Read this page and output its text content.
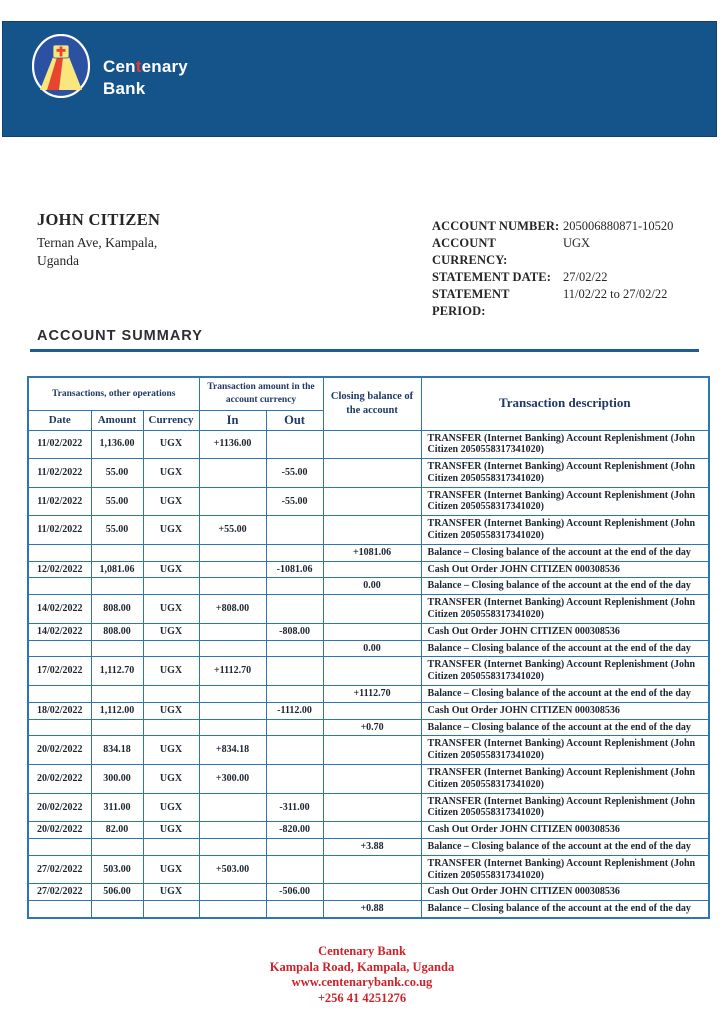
Centenary
Bank
JOHN CITIZEN
Ternan Ave, Kampala,
Uganda
ACCOUNT NUMBER: 205006880871-10520
ACCOUNT CURRENCY:
UGX
STATEMENT DATE: 27/02/22
STATEMENT PERIOD:
11/02/22 to 27/02/22
ACCOUNT SUMMARY
Transactions, other operations			Transaction amount in the account currency		Closing balance of the account	Transaction description
Date	Amount	Currency	In	Out		
11/02/2022	1,136.00	UGX	+1136.00			TRANSFER (Internet Banking) Account Replenishment (John Citizen 2050558317341020)
11/02/2022	55.00	UGX		-55.00		TRANSFER (Internet Banking) Account Replenishment (John Citizen 2050558317341020)
11/02/2022	55.00	UGX		-55.00		TRANSFER (Internet Banking) Account Replenishment (John Citizen 2050558317341020)
11/02/2022	55.00	UGX	+55.00			TRANSFER (Internet Banking) Account Replenishment (John Citizen 2050558317341020)
					+1081.06	Balance – Closing balance of the account at the end of the day
12/02/2022	1,081.06	UGX		-1081.06		Cash Out Order JOHN CITIZEN 000308536
					0.00	Balance – Closing balance of the account at the end of the day
14/02/2022	808.00	UGX	+808.00			TRANSFER (Internet Banking) Account Replenishment (John Citizen 2050558317341020)
14/02/2022	808.00	UGX		-808.00		Cash Out Order JOHN CITIZEN 000308536
					0.00	Balance – Closing balance of the account at the end of the day
17/02/2022	1,112.70	UGX	+1112.70			TRANSFER (Internet Banking) Account Replenishment (John Citizen 2050558317341020)
					+1112.70	Balance – Closing balance of the account at the end of the day
18/02/2022	1,112.00	UGX		-1112.00		Cash Out Order JOHN CITIZEN 000308536
					+0.70	Balance – Closing balance of the account at the end of the day
20/02/2022	834.18	UGX	+834.18			TRANSFER (Internet Banking) Account Replenishment (John Citizen 2050558317341020)
20/02/2022	300.00	UGX	+300.00			TRANSFER (Internet Banking) Account Replenishment (John Citizen 2050558317341020)
20/02/2022	311.00	UGX		-311.00		TRANSFER (Internet Banking) Account Replenishment (John Citizen 2050558317341020)
20/02/2022	82.00	UGX		-820.00		Cash Out Order JOHN CITIZEN 000308536
					+3.88	Balance – Closing balance of the account at the end of the day
27/02/2022	503.00	UGX	+503.00			TRANSFER (Internet Banking) Account Replenishment (John Citizen 2050558317341020)
27/02/2022	506.00	UGX		-506.00		Cash Out Order JOHN CITIZEN 000308536
					+0.88	Balance – Closing balance of the account at the end of the day
Centenary Bank
Kampala Road, Kampala, Uganda
www.centenarybank.co.ug
+256 41 4251276
